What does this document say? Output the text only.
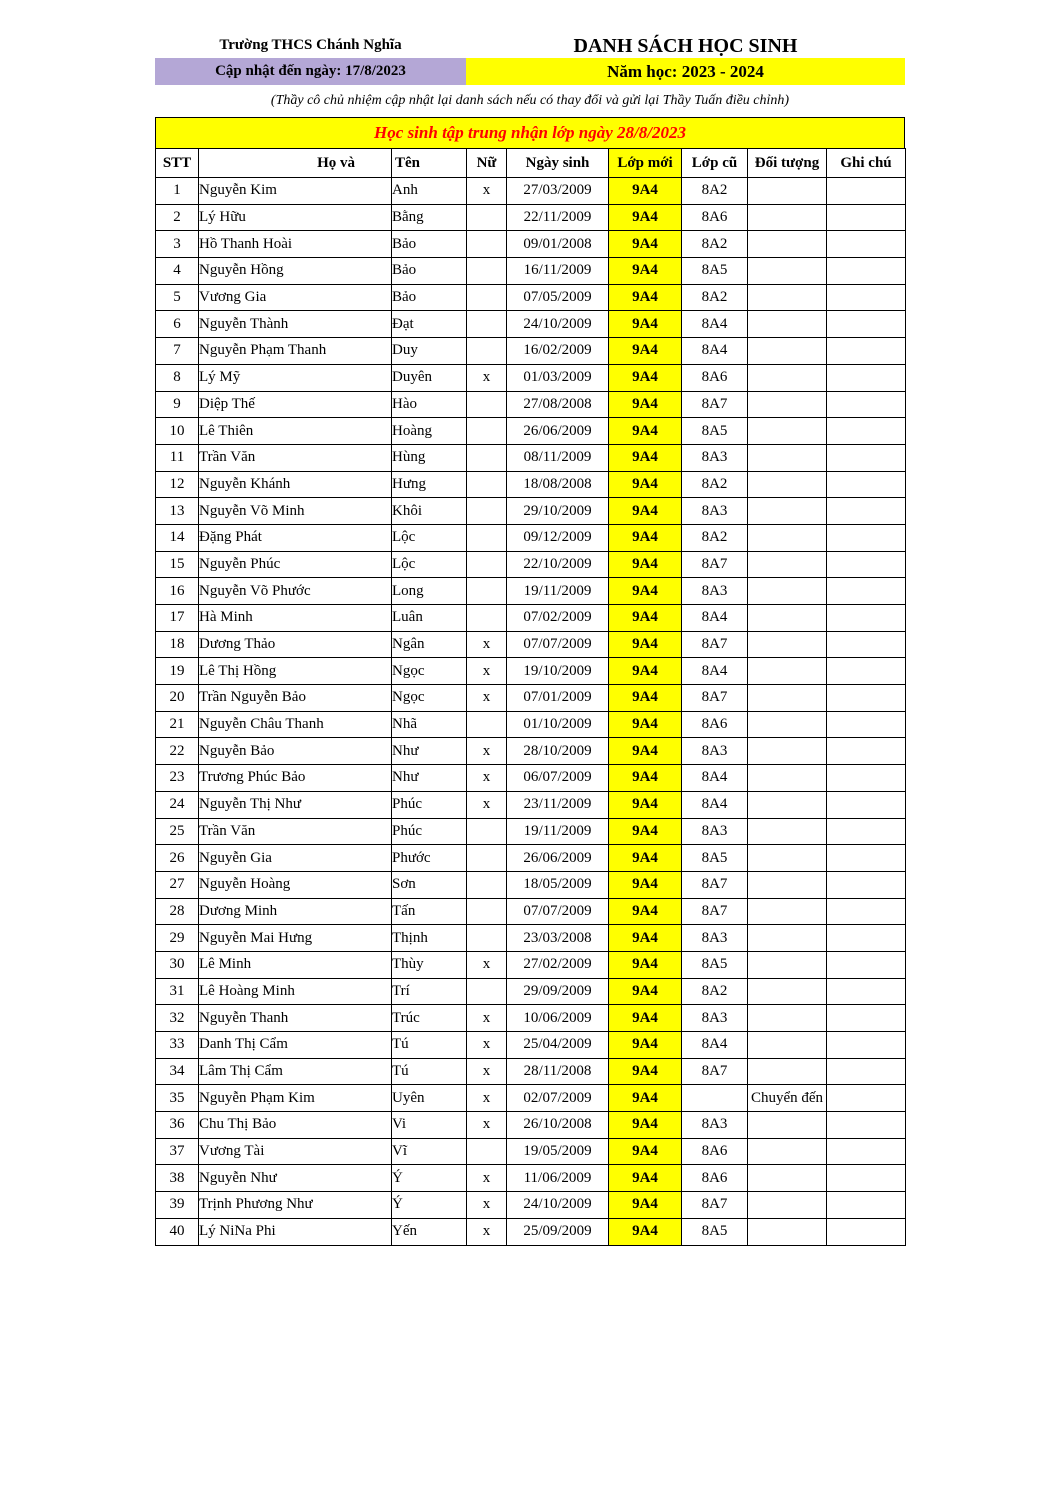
Trường THCS Chánh Nghĩa	DANH SÁCH HỌC SINH
Cập nhật đến ngày: 17/8/2023	Năm học: 2023 - 2024
(Thầy cô chủ nhiệm cập nhật lại danh sách nếu có thay đổi và gửi lại Thầy Tuấn điều chỉnh)
Học sinh tập trung nhận lớp ngày 28/8/2023
STT	Họ và	Tên	Nữ	Ngày sinh	Lớp mới	Lớp cũ	Đối tượng	Ghi chú
1	Nguyễn Kim	Anh	x	27/03/2009	9A4	8A2		
2	Lý Hữu	Bằng		22/11/2009	9A4	8A6		
3	Hồ Thanh Hoài	Bảo		09/01/2008	9A4	8A2		
4	Nguyễn Hồng	Bảo		16/11/2009	9A4	8A5		
5	Vương Gia	Bảo		07/05/2009	9A4	8A2		
6	Nguyễn Thành	Đạt		24/10/2009	9A4	8A4		
7	Nguyễn Phạm Thanh	Duy		16/02/2009	9A4	8A4		
8	Lý Mỹ	Duyên	x	01/03/2009	9A4	8A6		
9	Diệp Thế	Hào		27/08/2008	9A4	8A7		
10	Lê Thiên	Hoàng		26/06/2009	9A4	8A5		
11	Trần Văn	Hùng		08/11/2009	9A4	8A3		
12	Nguyễn Khánh	Hưng		18/08/2008	9A4	8A2		
13	Nguyễn Võ Minh	Khôi		29/10/2009	9A4	8A3		
14	Đặng Phát	Lộc		09/12/2009	9A4	8A2		
15	Nguyễn Phúc	Lộc		22/10/2009	9A4	8A7		
16	Nguyễn Võ Phước	Long		19/11/2009	9A4	8A3		
17	Hà Minh	Luân		07/02/2009	9A4	8A4		
18	Dương Thảo	Ngân	x	07/07/2009	9A4	8A7		
19	Lê Thị Hồng	Ngọc	x	19/10/2009	9A4	8A4		
20	Trần Nguyễn Bảo	Ngọc	x	07/01/2009	9A4	8A7		
21	Nguyễn Châu Thanh	Nhã		01/10/2009	9A4	8A6		
22	Nguyễn Bảo	Như	x	28/10/2009	9A4	8A3		
23	Trương Phúc Bảo	Như	x	06/07/2009	9A4	8A4		
24	Nguyễn Thị Như	Phúc	x	23/11/2009	9A4	8A4		
25	Trần Văn	Phúc		19/11/2009	9A4	8A3		
26	Nguyễn Gia	Phước		26/06/2009	9A4	8A5		
27	Nguyễn Hoàng	Sơn		18/05/2009	9A4	8A7		
28	Dương Minh	Tấn		07/07/2009	9A4	8A7		
29	Nguyễn Mai Hưng	Thịnh		23/03/2008	9A4	8A3		
30	Lê Minh	Thùy	x	27/02/2009	9A4	8A5		
31	Lê Hoàng Minh	Trí		29/09/2009	9A4	8A2		
32	Nguyễn Thanh	Trúc	x	10/06/2009	9A4	8A3		
33	Danh Thị Cẩm	Tú	x	25/04/2009	9A4	8A4		
34	Lâm Thị Cẩm	Tú	x	28/11/2008	9A4	8A7		
35	Nguyễn Phạm Kim	Uyên	x	02/07/2009	9A4		Chuyển đến	
36	Chu Thị Bảo	Vi	x	26/10/2008	9A4	8A3		
37	Vương Tài	Vĩ		19/05/2009	9A4	8A6		
38	Nguyễn Như	Ý	x	11/06/2009	9A4	8A6		
39	Trịnh Phương Như	Ý	x	24/10/2009	9A4	8A7		
40	Lý NiNa Phi	Yến	x	25/09/2009	9A4	8A5		
